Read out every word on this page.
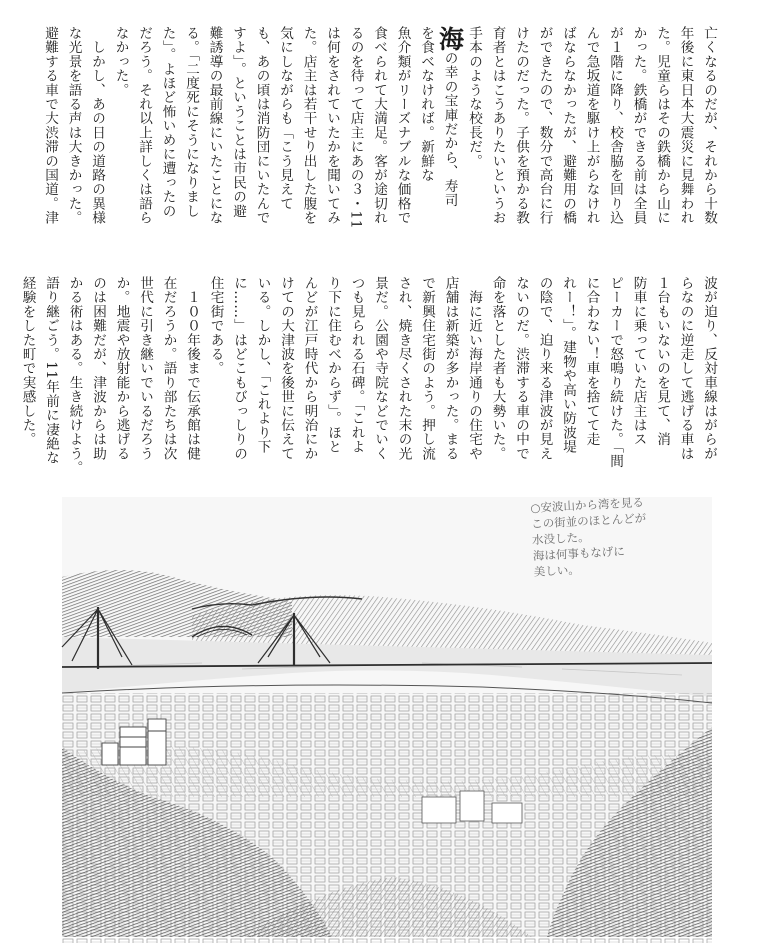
亡くなるのだが、それから十数
年後に東日本大震災に見舞われ
た。児童らはその鉄橋から山に
かった。鉄橋ができる前は全員
が１階に降り、校舎脇を回り込
んで急坂道を駆け上がらなけれ
ばならなかったが、避難用の橋
ができたので、数分で高台に行
けたのだった。子供を預かる教
育者とはこうありたいというお
手本のような校長だ。
海の幸の宝庫だから、寿司
を食べなければ。新鮮な
魚介類がリーズナブルな価格で
食べられて大満足。客が途切れ
るのを待って店主にあの３・11
は何をされていたかを聞いてみ
た。店主は若干せり出した腹を
気にしながらも「こう見えて
も、あの頃は消防団にいたんで
すよ」。ということは市民の避
難誘導の最前線にいたことにな
る。「二度死にそうになりまし
た」。よほど怖いめに遭ったの
だろう。それ以上詳しくは語ら
なかった。
　しかし、あの日の道路の異様
な光景を語る声は大きかった。
避難する車で大渋滞の国道。津
波が迫り、反対車線はがらが
らなのに逆走して逃げる車は
１台もいないのを見て、消
防車に乗っていた店主はス
ピーカーで怒鳴り続けた。「間
に合わない！車を捨てて走
れー！」。建物や高い防波堤
の陰で、迫り来る津波が見え
ないのだ。渋滞する車の中で
命を落とした者も大勢いた。
　海に近い海岸通りの住宅や
店舗は新築が多かった。まる
で新興住宅街のよう。押し流
され、焼き尽くされた末の光
景だ。公園や寺院などでいく
つも見られる石碑。「これよ
り下に住むべからず」。ほと
んどが江戸時代から明治にか
けての大津波を後世に伝えて
いる。しかし、「これより下
に……」はどこもびっしりの
住宅街である。
　１００年後まで伝承館は健
在だろうか。語り部たちは次
世代に引き継いでいるだろう
か。地震や放射能から逃げる
のは困難だが、津波からは助
かる術はある。生き続けよう。
語り継ごう。11年前に凄絶な
経験をした町で実感した。
○安波山から湾を見る
この街並のほとんどが
水没した。
海は何事もなげに
美しい。
